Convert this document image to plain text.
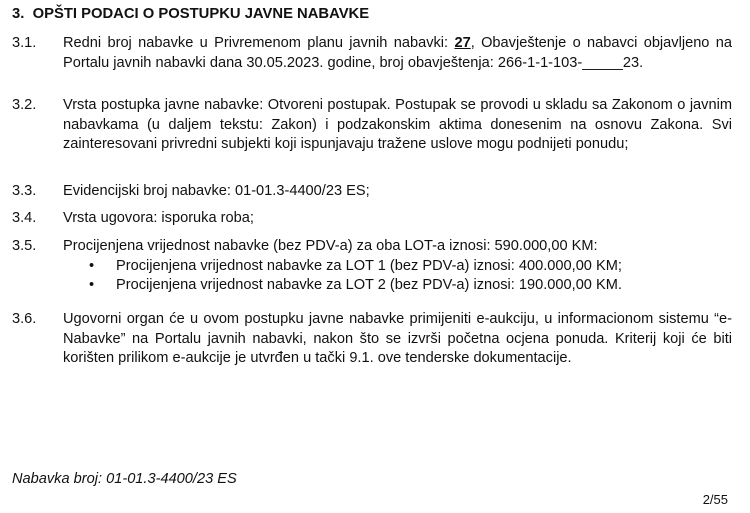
3. OPŠTI PODACI O POSTUPKU JAVNE NABAVKE
3.1.	Redni broj nabavke u Privremenom planu javnih nabavki: 27, Obavještenje o nabavci objavljeno na Portalu javnih nabavki dana 30.05.2023. godine, broj obavještenja: 266-1-1-103-_____23.
3.2.	Vrsta postupka javne nabavke: Otvoreni postupak. Postupak se provodi u skladu sa Zakonom o javnim nabavkama (u daljem tekstu: Zakon) i podzakonskim aktima donesenim na osnovu Zakona. Svi zainteresovani privredni subjekti koji ispunjavaju tražene uslove mogu podnijeti ponudu;
3.3.	Evidencijski broj nabavke: 01-01.3-4400/23 ES;
3.4.	Vrsta ugovora: isporuka roba;
3.5.	Procijenjena vrijednost nabavke (bez PDV-a) za oba LOT-a iznosi: 590.000,00 KM:

• Procijenjena vrijednost nabavke za LOT 1 (bez PDV-a) iznosi: 400.000,00 KM;
• Procijenjena vrijednost nabavke za LOT 2 (bez PDV-a) iznosi: 190.000,00 KM.
3.6.	Ugovorni organ će u ovom postupku javne nabavke primijeniti e-aukciju, u informacionom sistemu “e-Nabavke” na Portalu javnih nabavki, nakon što se izvrši početna ocjena ponuda. Kriterij koji će biti korišten prilikom e-aukcije je utvrđen u tački 9.1. ove tenderske dokumentacije.
Nabavka broj: 01-01.3-4400/23 ES
2/55
